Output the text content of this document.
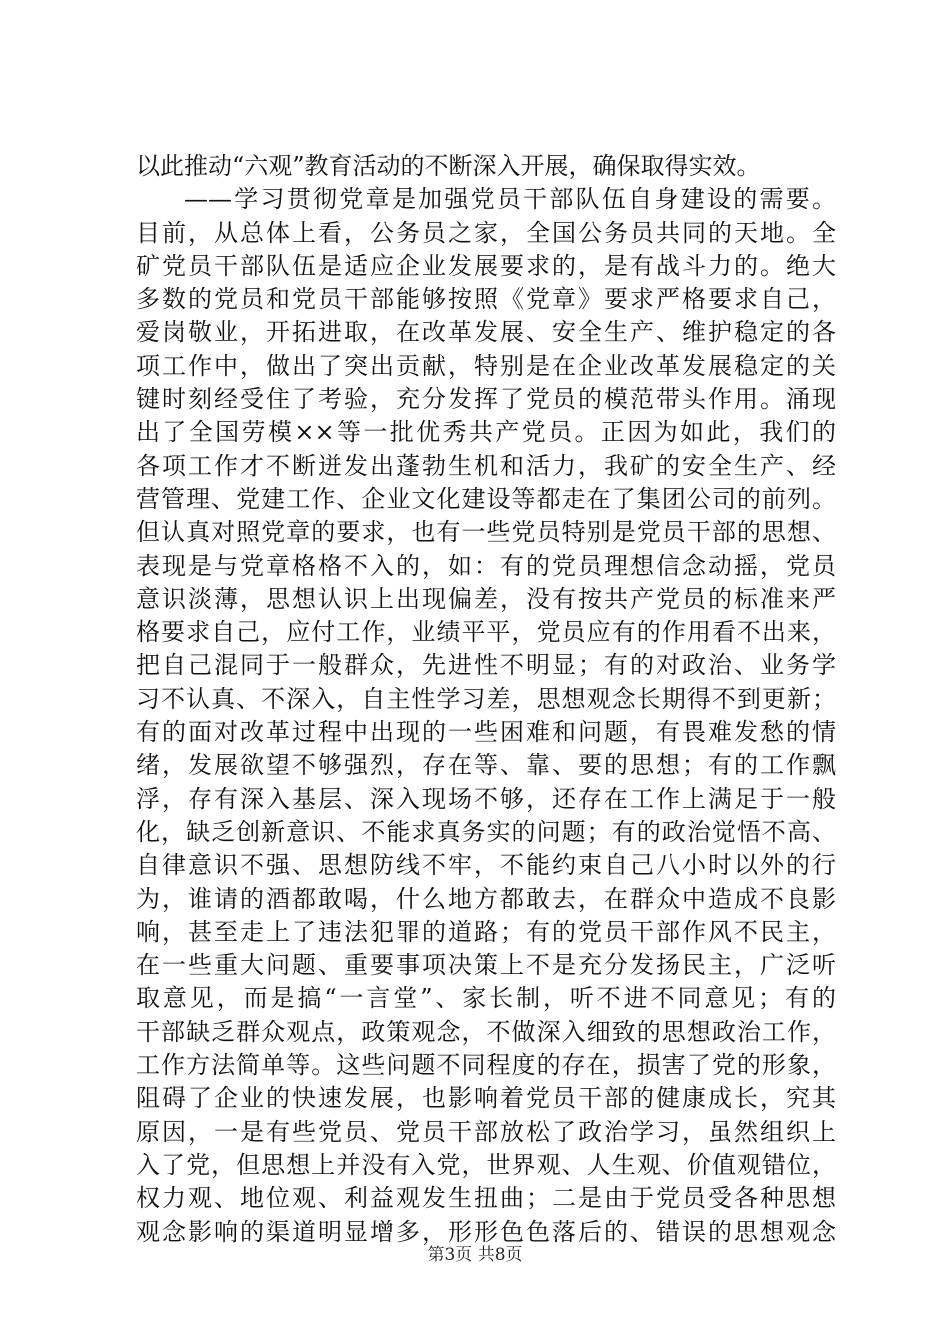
以此推动“六观”教育活动的不断深入开展，确保取得实效。
——学习贯彻党章是加强党员干部队伍自身建设的需要。
目前，从总体上看，公务员之家，全国公务员共同的天地。全
矿党员干部队伍是适应企业发展要求的，是有战斗力的。绝大
多数的党员和党员干部能够按照《党章》要求严格要求自己，
爱岗敬业，开拓进取，在改革发展、安全生产、维护稳定的各
项工作中，做出了突出贡献，特别是在企业改革发展稳定的关
键时刻经受住了考验，充分发挥了党员的模范带头作用。涌现
出了全国劳模××等一批优秀共产党员。正因为如此，我们的
各项工作才不断迸发出蓬勃生机和活力，我矿的安全生产、经
营管理、党建工作、企业文化建设等都走在了集团公司的前列。
但认真对照党章的要求，也有一些党员特别是党员干部的思想、
表现是与党章格格不入的，如：有的党员理想信念动摇，党员
意识淡薄，思想认识上出现偏差，没有按共产党员的标准来严
格要求自己，应付工作，业绩平平，党员应有的作用看不出来，
把自己混同于一般群众，先进性不明显；有的对政治、业务学
习不认真、不深入，自主性学习差，思想观念长期得不到更新；
有的面对改革过程中出现的一些困难和问题，有畏难发愁的情
绪，发展欲望不够强烈，存在等、靠、要的思想；有的工作飘
浮，存有深入基层、深入现场不够，还存在工作上满足于一般
化，缺乏创新意识、不能求真务实的问题；有的政治觉悟不高、
自律意识不强、思想防线不牢，不能约束自己八小时以外的行
为，谁请的酒都敢喝，什么地方都敢去，在群众中造成不良影
响，甚至走上了违法犯罪的道路；有的党员干部作风不民主，
在一些重大问题、重要事项决策上不是充分发扬民主，广泛听
取意见，而是搞“一言堂”、家长制，听不进不同意见；有的
干部缺乏群众观点，政策观念，不做深入细致的思想政治工作，
工作方法简单等。这些问题不同程度的存在，损害了党的形象，
阻碍了企业的快速发展，也影响着党员干部的健康成长，究其
原因，一是有些党员、党员干部放松了政治学习，虽然组织上
入了党，但思想上并没有入党，世界观、人生观、价值观错位，
权力观、地位观、利益观发生扭曲；二是由于党员受各种思想
观念影响的渠道明显增多，形形色色落后的、错误的思想观念
第3页 共8页
